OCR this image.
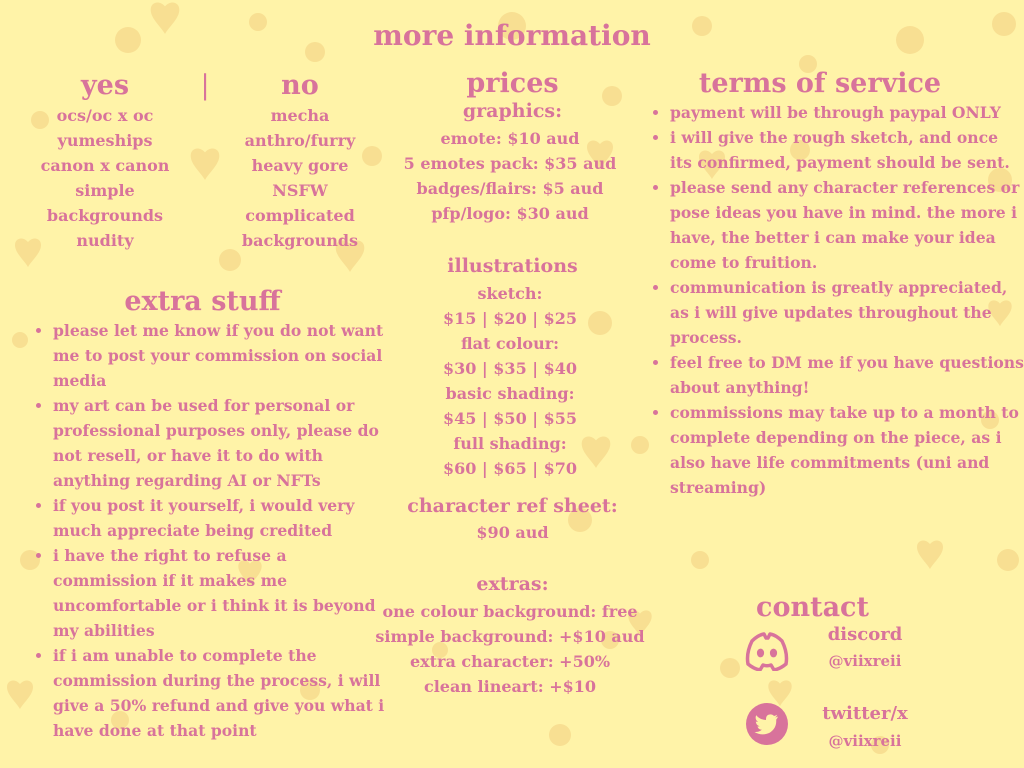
more information
yes	|	no
ocs/oc x oc
yumeships
canon x canon
simple
backgrounds
nudity
mecha
anthro/furry
heavy gore
NSFW
complicated
backgrounds
extra stuff
• please let me know if you do not want me to post your commission on social media
• my art can be used for personal or professional purposes only, please do not resell, or have it to do with anything regarding AI or NFTs
• if you post it yourself, i would very much appreciate being credited
• i have the right to refuse a commission if it makes me uncomfortable or i think it is beyond my abilities
• if i am unable to complete the commission during the process, i will give a 50% refund and give you what i have done at that point
prices
graphics:
emote: $10 aud
5 emotes pack: $35 aud
badges/flairs: $5 aud
pfp/logo: $30 aud
illustrations
sketch:
$15 | $20 | $25
flat colour:
$30 | $35 | $40
basic shading:
$45 | $50 | $55
full shading:
$60 | $65 | $70
character ref sheet:
$90 aud
extras:
one colour background: free
simple background: +$10 aud
extra character: +50%
clean lineart: +$10
terms of service
• payment will be through paypal ONLY
• i will give the rough sketch, and once its confirmed, payment should be sent.
• please send any character references or pose ideas you have in mind. the more i have, the better i can make your idea come to fruition.
• communication is greatly appreciated, as i will give updates throughout the process.
• feel free to DM me if you have questions about anything!
• commissions may take up to a month to complete depending on the piece, as i also have life commitments (uni and streaming)
contact
discord
@viixreii
twitter/x
@viixreii
